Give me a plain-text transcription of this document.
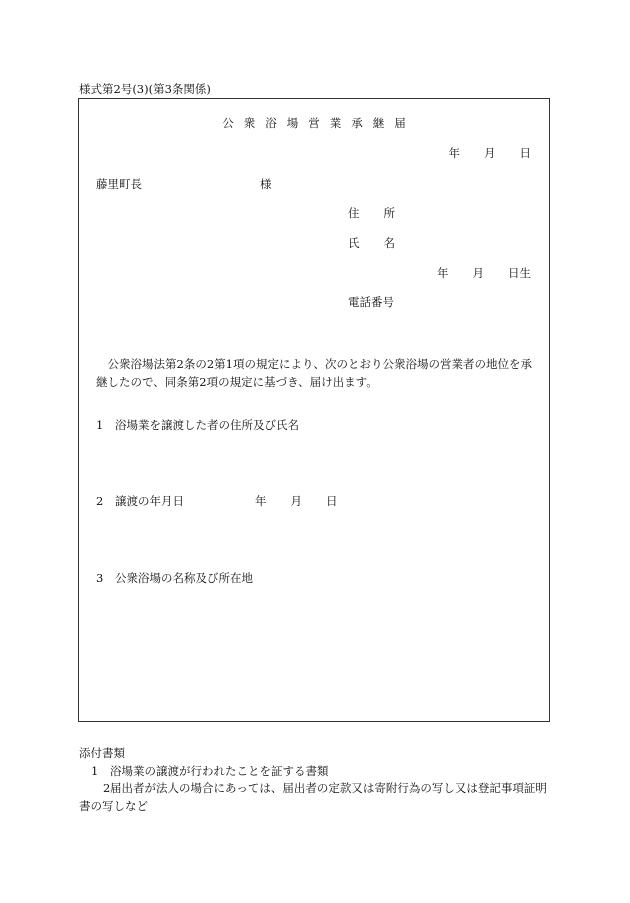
様式第2号(3)(第3条関係)
公衆浴場営業承継届
年 月 日
藤里町長	様
住所
氏名
年 月 日生
電話番号
公衆浴場法第2条の2第1項の規定により、次のとおり公衆浴場の営業者の地位を承継したので、同条第2項の規定に基づき、届け出ます。
1 浴場業を譲渡した者の住所及び氏名
2 譲渡の年月日	年 月 日
3 公衆浴場の名称及び所在地
添付書類
1 浴場業の譲渡が行われたことを証する書類
2届出者が法人の場合にあっては、届出者の定款又は寄附行為の写し又は登記事項証明書の写しなど
